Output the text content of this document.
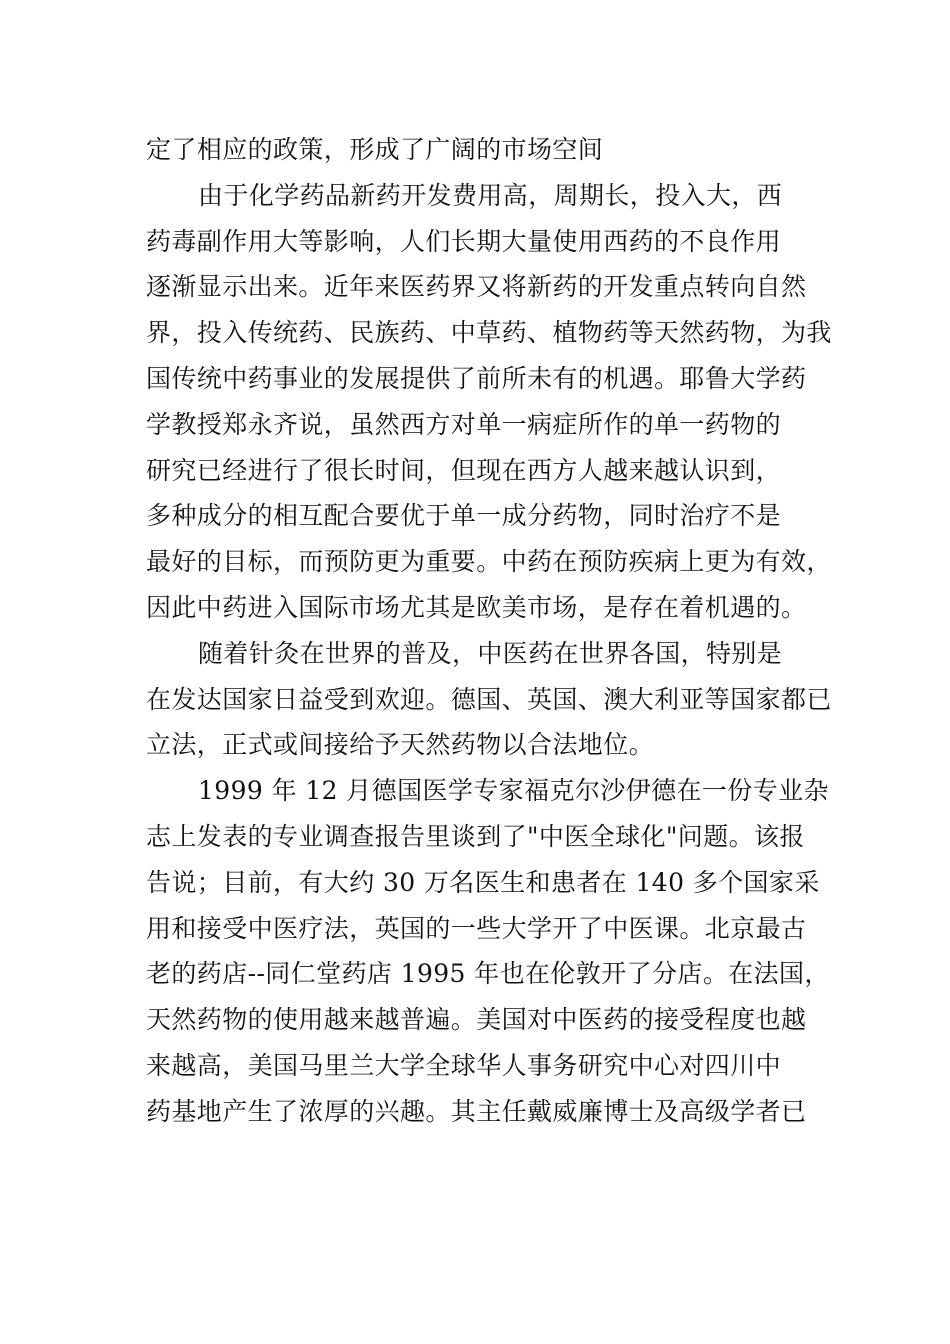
定了相应的政策，形成了广阔的市场空间
由于化学药品新药开发费用高，周期长，投入大，西
药毒副作用大等影响，人们长期大量使用西药的不良作用
逐渐显示出来。近年来医药界又将新药的开发重点转向自然
界，投入传统药、民族药、中草药、植物药等天然药物，为我
国传统中药事业的发展提供了前所未有的机遇。耶鲁大学药
学教授郑永齐说，虽然西方对单一病症所作的单一药物的
研究已经进行了很长时间，但现在西方人越来越认识到，
多种成分的相互配合要优于单一成分药物，同时治疗不是
最好的目标，而预防更为重要。中药在预防疾病上更为有效，
因此中药进入国际市场尤其是欧美市场，是存在着机遇的。
随着针灸在世界的普及，中医药在世界各国，特别是
在发达国家日益受到欢迎。德国、英国、澳大利亚等国家都已
立法，正式或间接给予天然药物以合法地位。
1999 年 12 月德国医学专家福克尔沙伊德在一份专业杂
志上发表的专业调查报告里谈到了"中医全球化"问题。该报
告说；目前，有大约 30 万名医生和患者在 140 多个国家采
用和接受中医疗法，英国的一些大学开了中医课。北京最古
老的药店--同仁堂药店 1995 年也在伦敦开了分店。在法国，
天然药物的使用越来越普遍。美国对中医药的接受程度也越
来越高，美国马里兰大学全球华人事务研究中心对四川中
药基地产生了浓厚的兴趣。其主任戴威廉博士及高级学者已
